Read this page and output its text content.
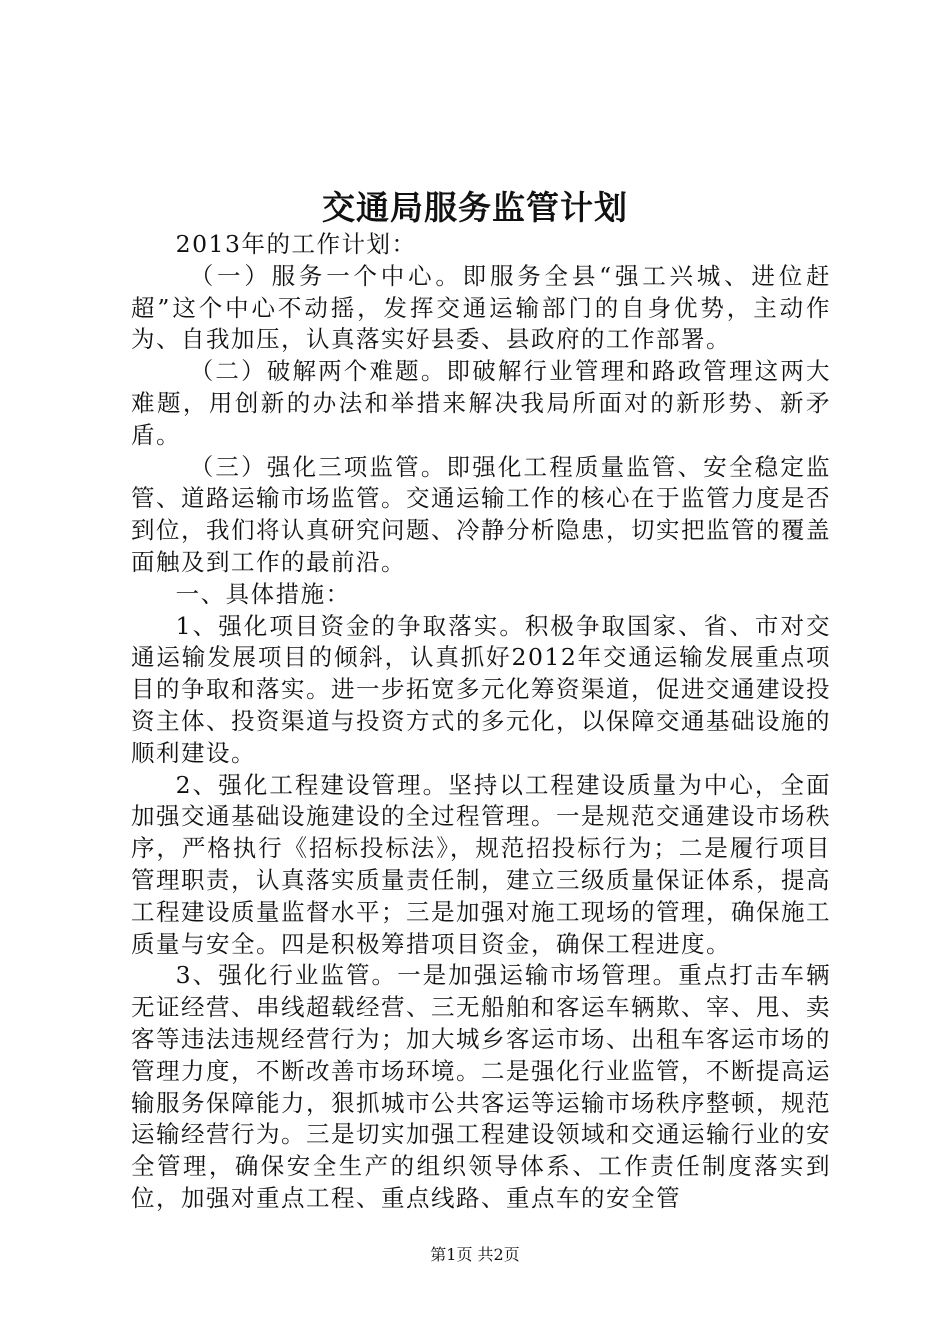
交通局服务监管计划

2013年的工作计划：

（一）服务一个中心。即服务全县“强工兴城、进位赶超”这个中心不动摇，发挥交通运输部门的自身优势，主动作为、自我加压，认真落实好县委、县政府的工作部署。

（二）破解两个难题。即破解行业管理和路政管理这两大难题，用创新的办法和举措来解决我局所面对的新形势、新矛盾。

（三）强化三项监管。即强化工程质量监管、安全稳定监管、道路运输市场监管。交通运输工作的核心在于监管力度是否到位，我们将认真研究问题、冷静分析隐患，切实把监管的覆盖面触及到工作的最前沿。

一、具体措施：

1、强化项目资金的争取落实。积极争取国家、省、市对交通运输发展项目的倾斜，认真抓好2012年交通运输发展重点项目的争取和落实。进一步拓宽多元化筹资渠道，促进交通建设投资主体、投资渠道与投资方式的多元化，以保障交通基础设施的顺利建设。

2、强化工程建设管理。坚持以工程建设质量为中心，全面加强交通基础设施建设的全过程管理。一是规范交通建设市场秩序，严格执行《招标投标法》，规范招投标行为；二是履行项目管理职责，认真落实质量责任制，建立三级质量保证体系，提高工程建设质量监督水平；三是加强对施工现场的管理，确保施工质量与安全。四是积极筹措项目资金，确保工程进度。

3、强化行业监管。一是加强运输市场管理。重点打击车辆无证经营、串线超载经营、三无船舶和客运车辆欺、宰、甩、卖客等违法违规经营行为；加大城乡客运市场、出租车客运市场的管理力度，不断改善市场环境。二是强化行业监管，不断提高运输服务保障能力，狠抓城市公共客运等运输市场秩序整顿，规范运输经营行为。三是切实加强工程建设领域和交通运输行业的安全管理，确保安全生产的组织领导体系、工作责任制度落实到位，加强对重点工程、重点线路、重点车的安全管

第1页 共2页
